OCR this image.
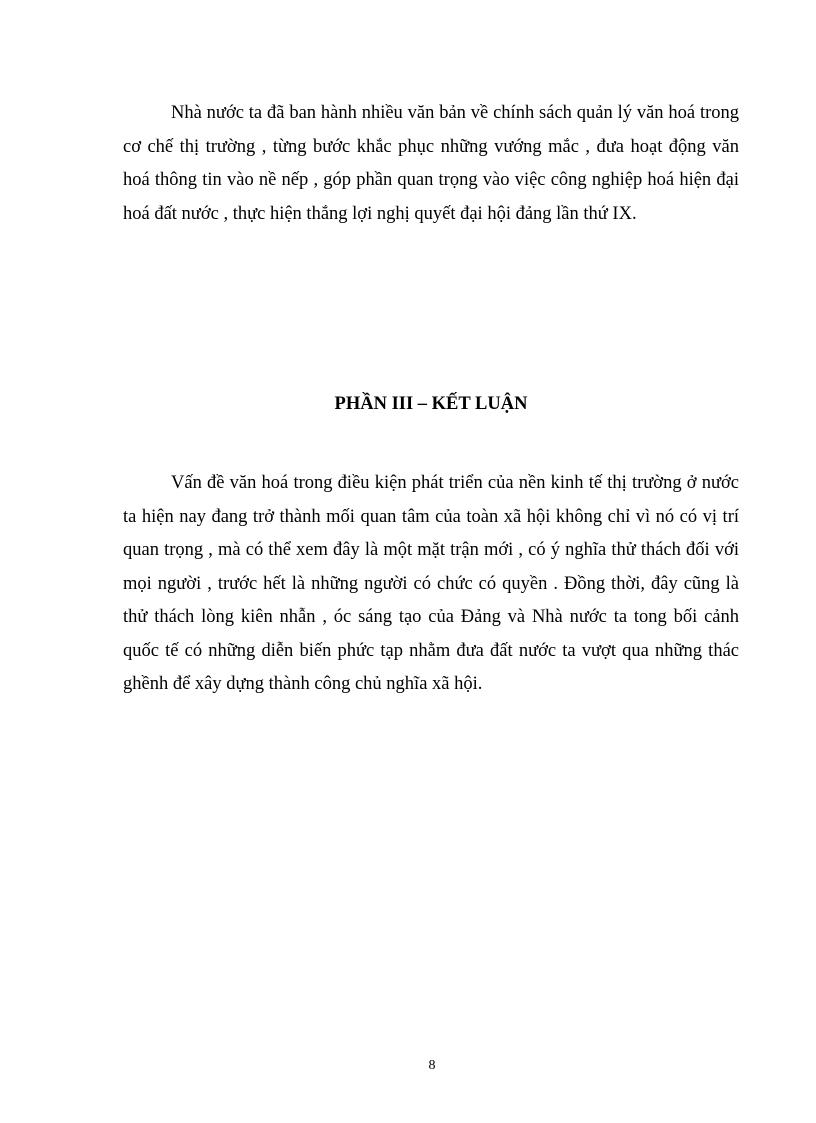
Nhà nước ta đã ban hành nhiều văn bản về chính sách quản lý văn hoá trong cơ chế thị trường , từng bước khắc phục những vướng mắc , đưa hoạt động văn hoá thông tin vào nề nếp , góp phần quan trọng vào việc công nghiệp hoá hiện đại hoá đất nước , thực hiện thắng lợi nghị quyết đại hội đảng lần thứ IX.

PHẦN III – KẾT LUẬN

Vấn đề văn hoá trong điều kiện phát triển của nền kinh tế thị trường ở nước ta hiện nay đang trở thành mối quan tâm của toàn xã hội không chỉ vì nó có vị trí quan trọng , mà có thể xem đây là một mặt trận mới , có ý nghĩa thử thách đối với mọi người , trước hết là những người có chức có quyền . Đồng thời, đây cũng là thử thách lòng kiên nhẫn , óc sáng tạo của Đảng và Nhà nước ta tong bối cảnh quốc tế có những diễn biến phức tạp nhằm đưa đất nước ta vượt qua những thác ghềnh để xây dựng thành công chủ nghĩa xã hội.

8
